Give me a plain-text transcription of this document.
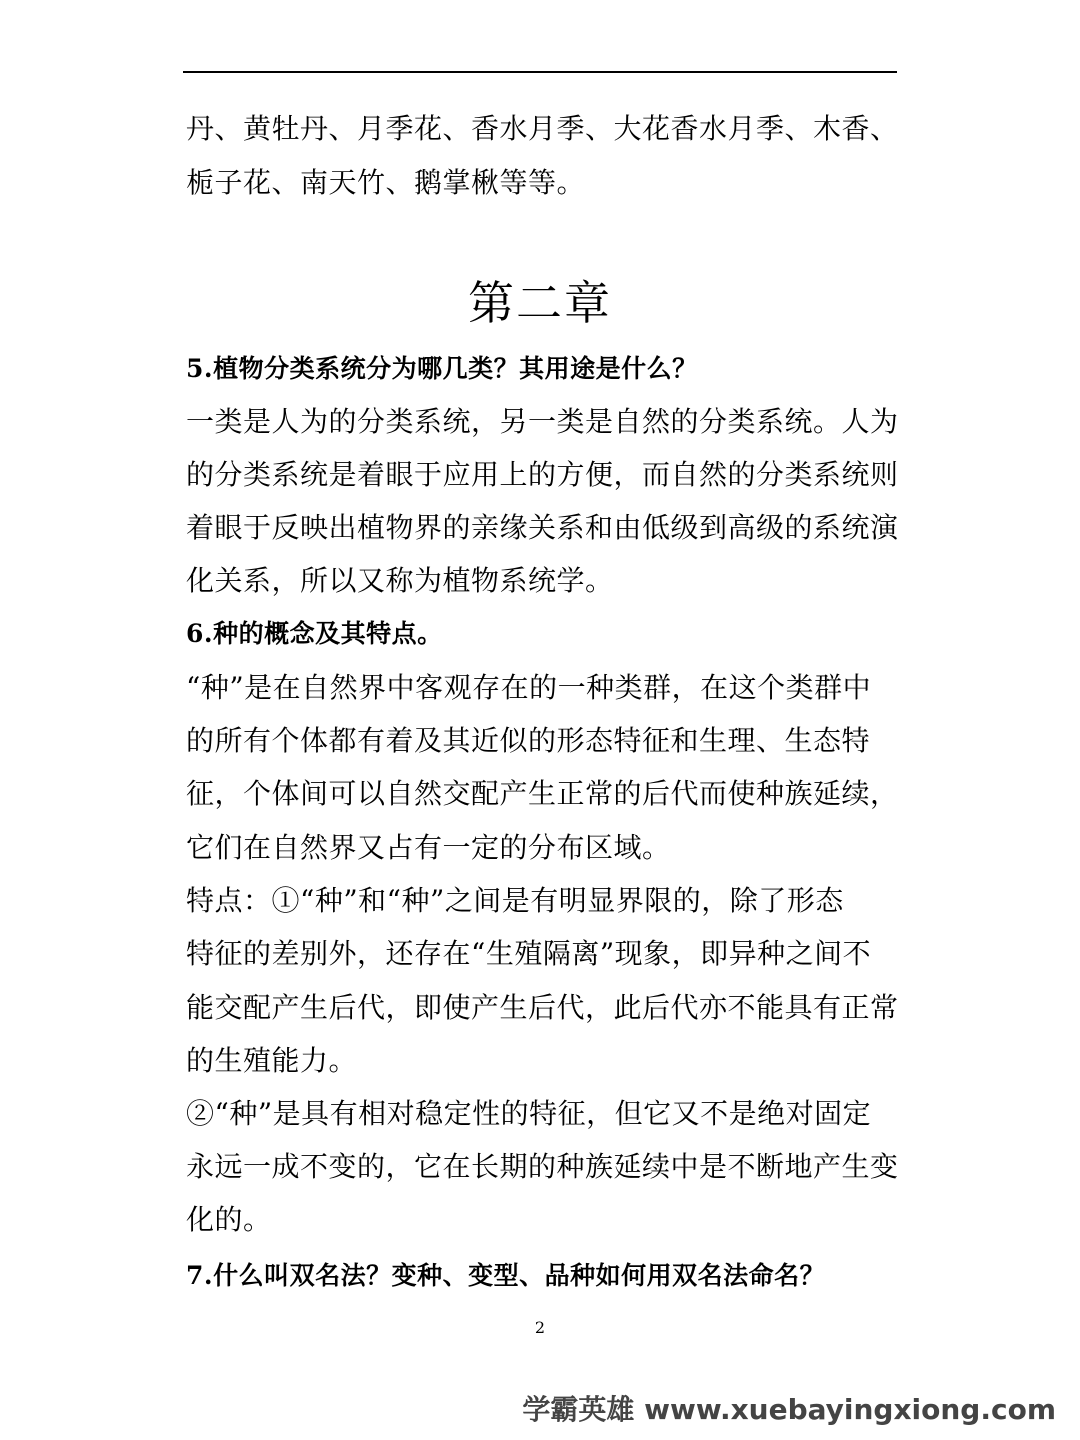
丹、黄牡丹、月季花、香水月季、大花香水月季、木香、
栀子花、南天竹、鹅掌楸等等。
第二章
5.植物分类系统分为哪几类？其用途是什么？
一类是人为的分类系统，另一类是自然的分类系统。人为
的分类系统是着眼于应用上的方便，而自然的分类系统则
着眼于反映出植物界的亲缘关系和由低级到高级的系统演
化关系，所以又称为植物系统学。
6.种的概念及其特点。
“种”是在自然界中客观存在的一种类群，在这个类群中
的所有个体都有着及其近似的形态特征和生理、生态特
征，个体间可以自然交配产生正常的后代而使种族延续，
它们在自然界又占有一定的分布区域。
特点：①“种”和“种”之间是有明显界限的，除了形态
特征的差别外，还存在“生殖隔离”现象，即异种之间不
能交配产生后代，即使产生后代，此后代亦不能具有正常
的生殖能力。
②“种”是具有相对稳定性的特征，但它又不是绝对固定
永远一成不变的，它在长期的种族延续中是不断地产生变
化的。
7.什么叫双名法？变种、变型、品种如何用双名法命名？
2
学霸英雄 www.xuebayingxiong.com
